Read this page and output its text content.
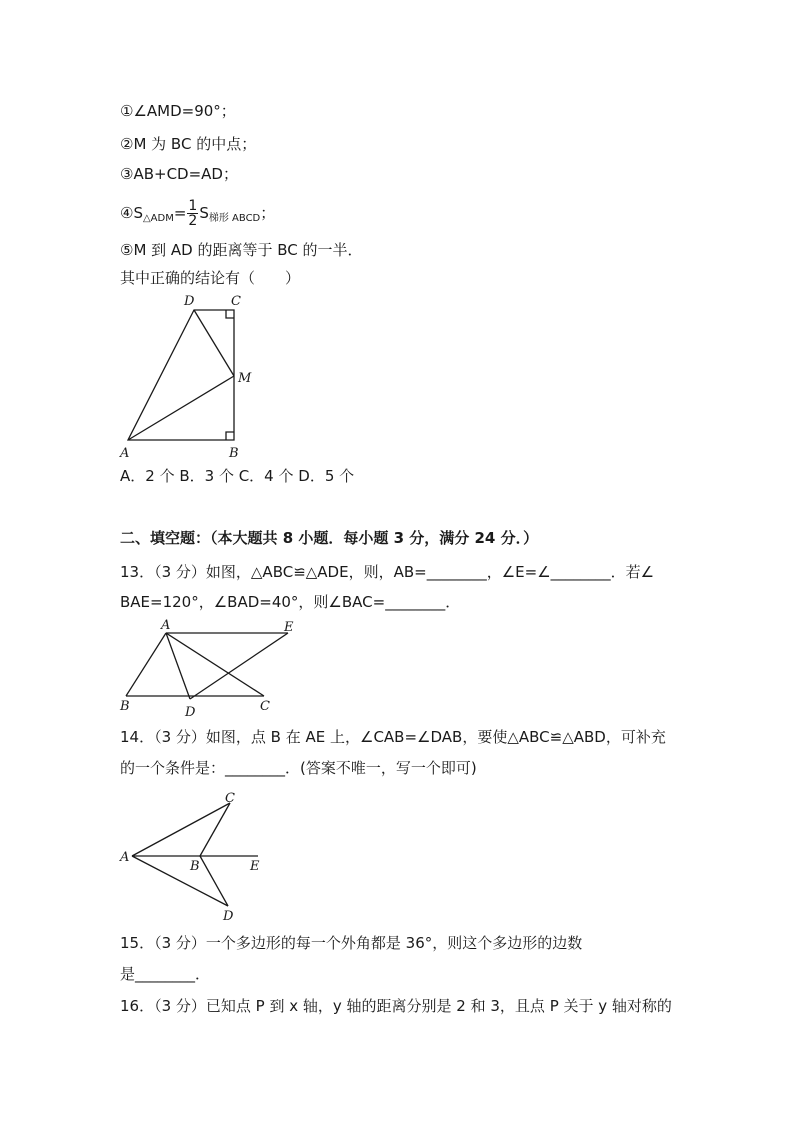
①∠AMD=90°；
②M 为 BC 的中点；
③AB+CD=AD；
$④S_{\triangle ADM}= \frac{1}{2} S_{梯形 ABCD}$；
⑤M 到 AD 的距离等于 BC 的一半．
其中正确的结论有（　　）
D	C
M
A	B
A．2 个 B．3 个 C．4 个 D．5 个
二、填空题：（本大题共 8 小题．每小题 3 分，满分 24 分．）
13．（3 分）如图，△ABC≌△ADE，则，AB=________，∠E=∠________．若∠
BAE=120°，∠BAD=40°，则∠BAC=________．
A	E
B	D	C
14．（3 分）如图，点 B 在 AE 上，∠CAB=∠DAB，要使△ABC≌△ABD，可补充
的一个条件是：________．(答案不唯一，写一个即可)
C
A
B	E
D
15．（3 分）一个多边形的每一个外角都是 36°，则这个多边形的边数
是________．
16．（3 分）已知点 P 到 x 轴，y 轴的距离分别是 2 和 3，且点 P 关于 y 轴对称的
